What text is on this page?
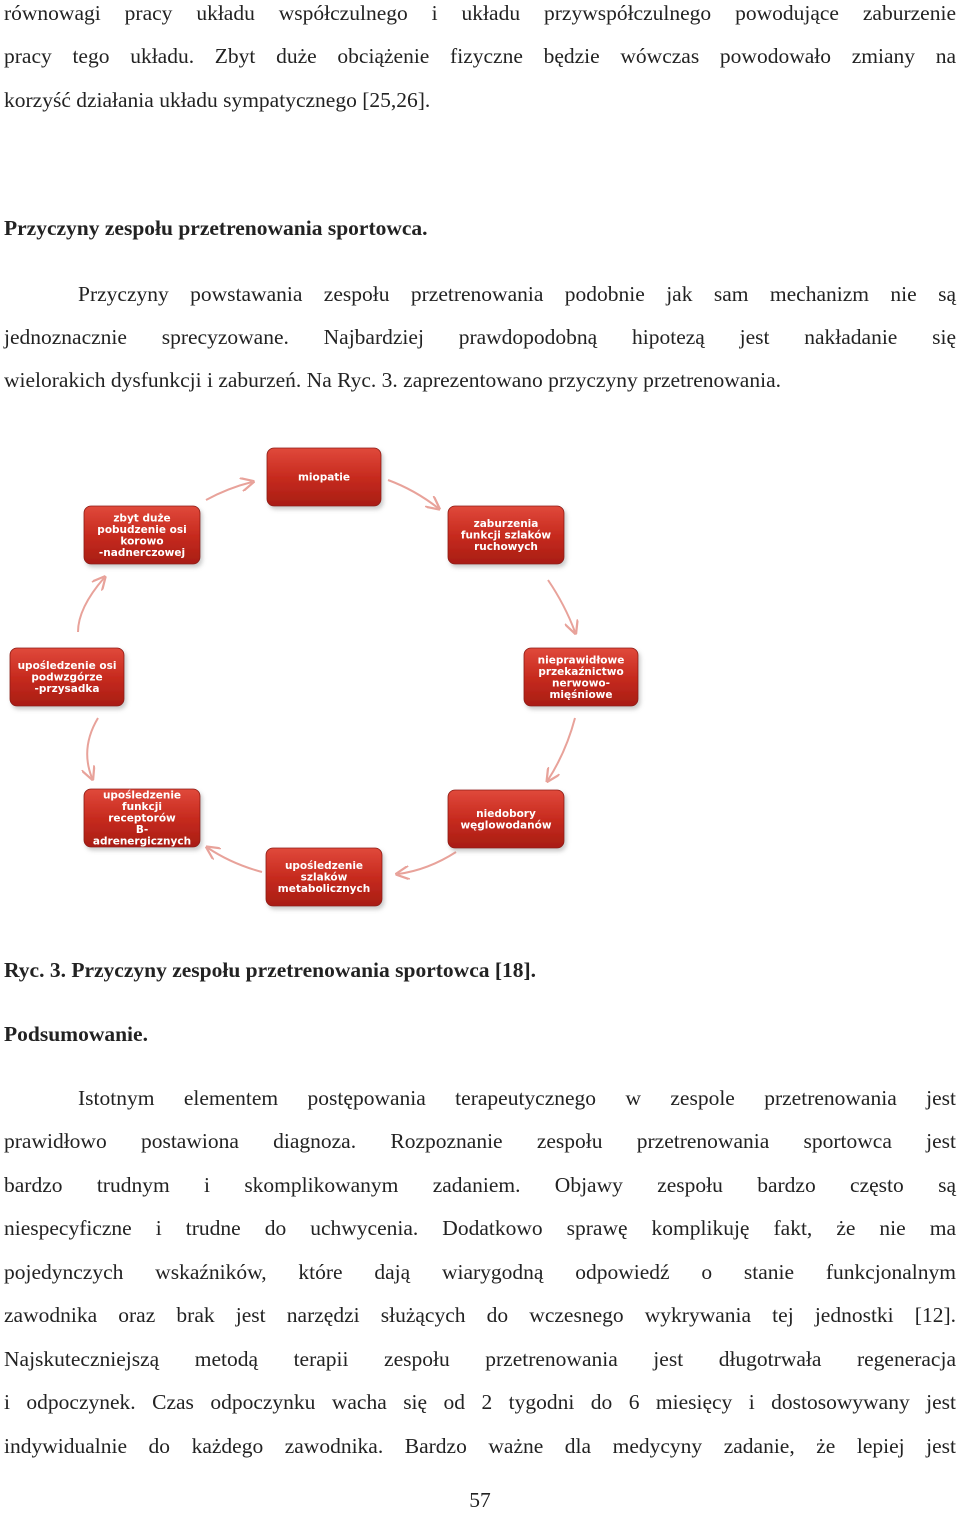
równowagi pracy układu współczulnego i układu przywspółczulnego powodujące zaburzenie
pracy tego układu. Zbyt duże obciążenie fizyczne będzie wówczas powodowało zmiany na
korzyść działania układu sympatycznego [25,26].
Przyczyny zespołu przetrenowania sportowca.
Przyczyny powstawania zespołu przetrenowania podobnie jak sam mechanizm nie są
jednoznacznie sprecyzowane. Najbardziej prawdopodobną hipotezą jest nakładanie się
wielorakich dysfunkcji i zaburzeń. Na Ryc. 3. zaprezentowano przyczyny przetrenowania.
miopatie
zaburzenia
funkcji szlaków
ruchowych
nieprawidłowe
przekaźnictwo
nerwowo-
mięśniowe
niedobory
węglowodanów
upośledzenie
szlaków
metabolicznych
upośledzenie
funkcji
receptorów
Β-
adrenergicznych
upośledzenie osi
podwzgórze
-przysadka
zbyt duże
pobudzenie osi
korowo
-nadnerczowej
Ryc. 3. Przyczyny zespołu przetrenowania sportowca [18].
Podsumowanie.
Istotnym elementem postępowania terapeutycznego w zespole przetrenowania jest
prawidłowo postawiona diagnoza. Rozpoznanie zespołu przetrenowania sportowca jest
bardzo trudnym i skomplikowanym zadaniem. Objawy zespołu bardzo często są
niespecyficzne i trudne do uchwycenia. Dodatkowo sprawę komplikuję fakt, że nie ma
pojedynczych wskaźników, które dają wiarygodną odpowiedź o stanie funkcjonalnym
zawodnika oraz brak jest narzędzi służących do wczesnego wykrywania tej jednostki [12].
Najskuteczniejszą metodą terapii zespołu przetrenowania jest długotrwała regeneracja
i odpoczynek. Czas odpoczynku wacha się od 2 tygodni do 6 miesięcy i dostosowywany jest
indywidualnie do każdego zawodnika. Bardzo ważne dla medycyny zadanie, że lepiej jest
57
